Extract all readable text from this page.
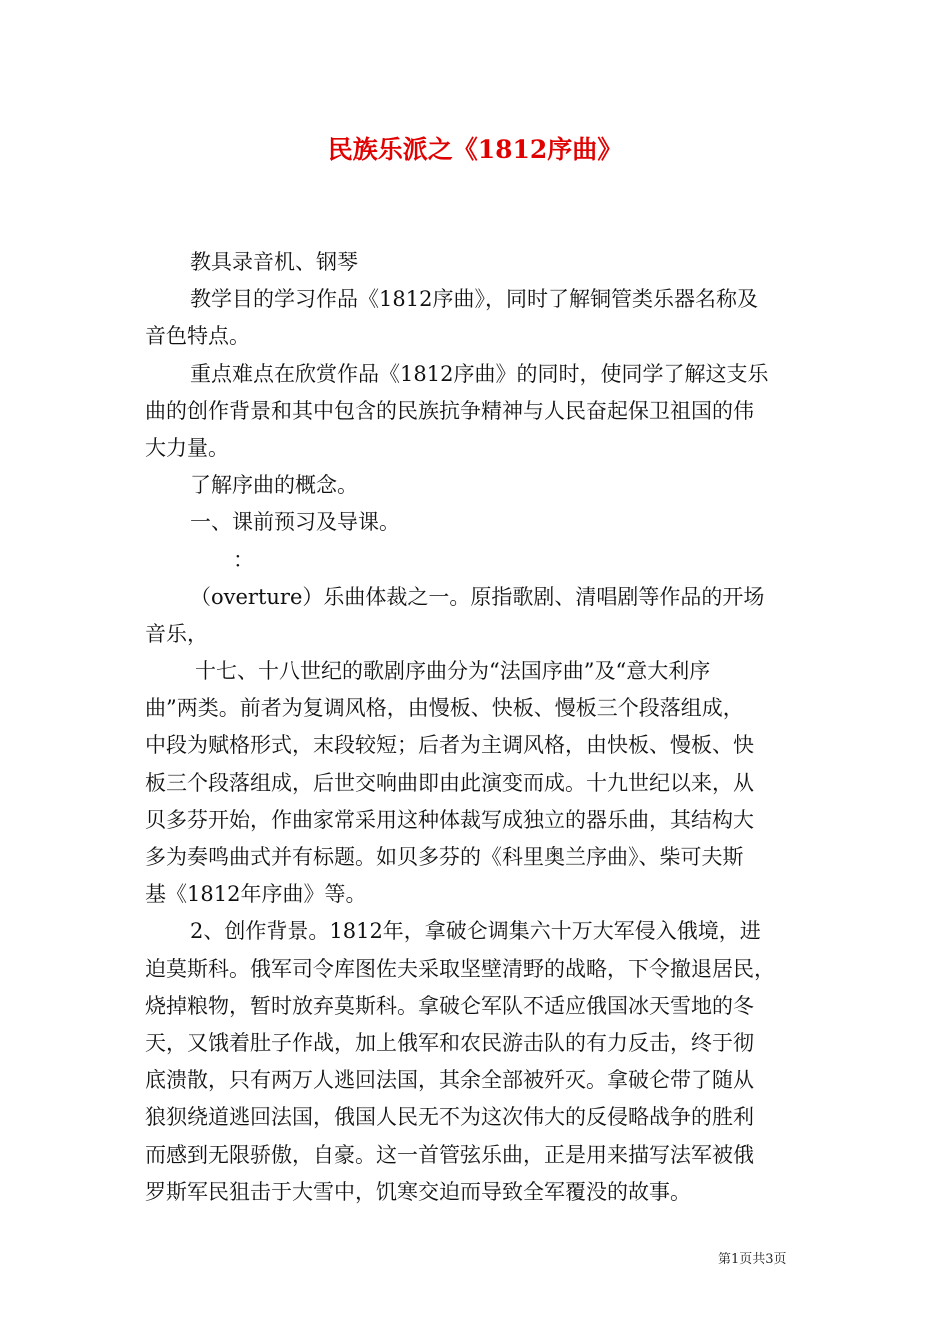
民族乐派之《1812序曲》
教具录音机、钢琴
教学目的学习作品《1812序曲》，同时了解铜管类乐器名称及
音色特点。
重点难点在欣赏作品《1812序曲》的同时，使同学了解这支乐
曲的创作背景和其中包含的民族抗争精神与人民奋起保卫祖国的伟
大力量。
了解序曲的概念。
一、课前预习及导课。
：
（overture）乐曲体裁之一。原指歌剧、清唱剧等作品的开场
音乐，
十七、十八世纪的歌剧序曲分为“法国序曲”及“意大利序
曲”两类。前者为复调风格，由慢板、快板、慢板三个段落组成，
中段为赋格形式，末段较短；后者为主调风格，由快板、慢板、快
板三个段落组成，后世交响曲即由此演变而成。十九世纪以来，从
贝多芬开始，作曲家常采用这种体裁写成独立的器乐曲，其结构大
多为奏鸣曲式并有标题。如贝多芬的《科里奥兰序曲》、柴可夫斯
基《1812年序曲》等。
2、创作背景。1812年，拿破仑调集六十万大军侵入俄境，进
迫莫斯科。俄军司令库图佐夫采取坚壁清野的战略，下令撤退居民，
烧掉粮物，暂时放弃莫斯科。拿破仑军队不适应俄国冰天雪地的冬
天，又饿着肚子作战，加上俄军和农民游击队的有力反击，终于彻
底溃散，只有两万人逃回法国，其余全部被歼灭。拿破仑带了随从
狼狈绕道逃回法国，俄国人民无不为这次伟大的反侵略战争的胜利
而感到无限骄傲，自豪。这一首管弦乐曲，正是用来描写法军被俄
罗斯军民狙击于大雪中，饥寒交迫而导致全军覆没的故事。
第1页共3页
